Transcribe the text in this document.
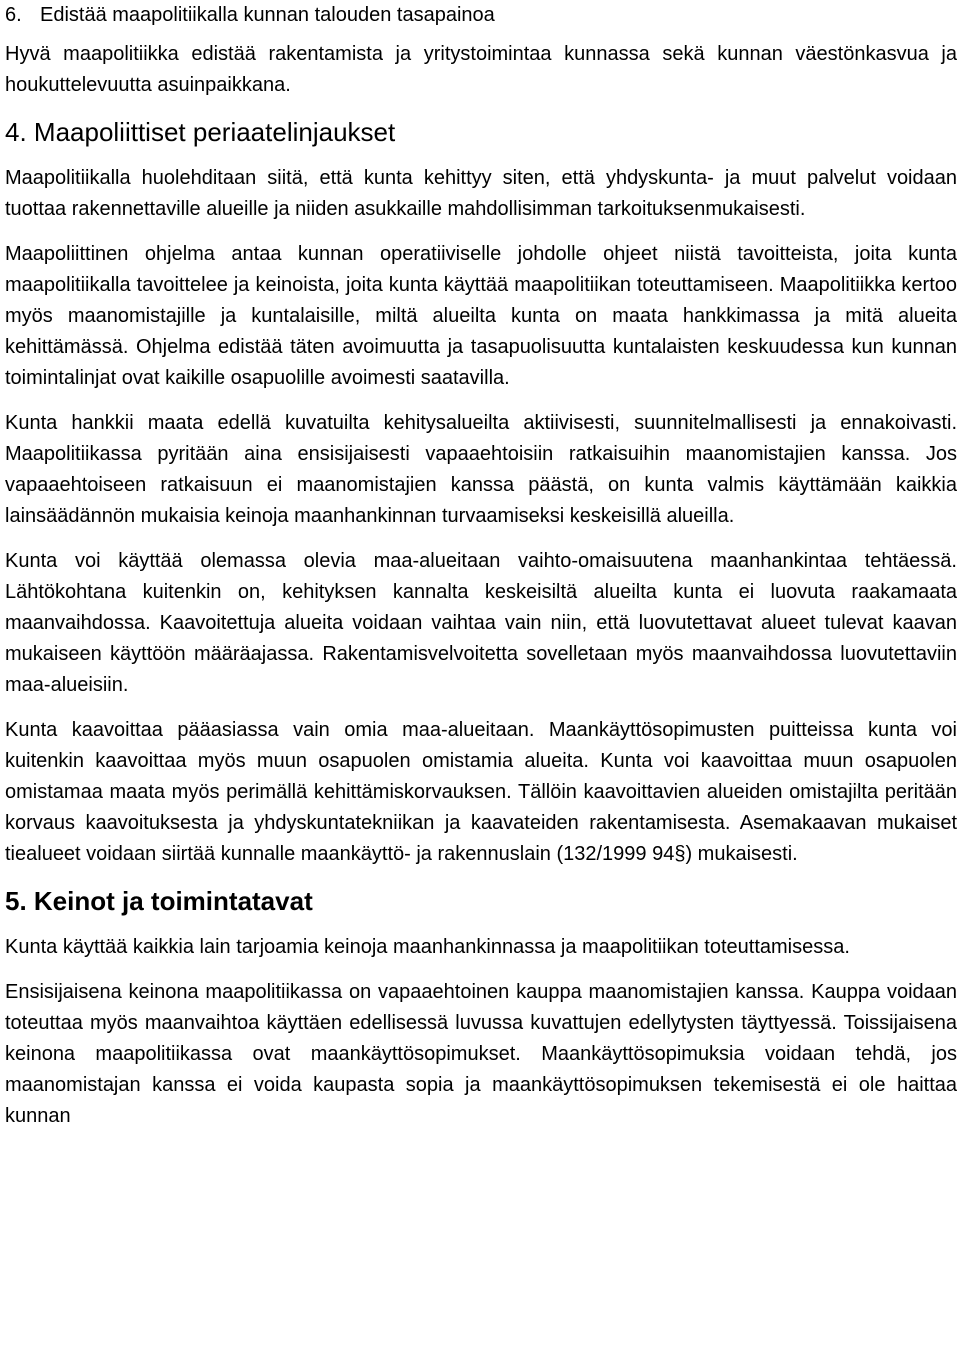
6. Edistää maapolitiikalla kunnan talouden tasapainoa

Hyvä maapolitiikka edistää rakentamista ja yritystoimintaa kunnassa sekä kunnan väestönkasvua ja houkuttelevuutta asuinpaikkana.

4. Maapoliittiset periaatelinjaukset

Maapolitiikalla huolehditaan siitä, että kunta kehittyy siten, että yhdyskunta- ja muut palvelut voidaan tuottaa rakennettaville alueille ja niiden asukkaille mahdollisimman tarkoituksenmukaisesti.

Maapoliittinen ohjelma antaa kunnan operatiiviselle johdolle ohjeet niistä tavoitteista, joita kunta maapolitiikalla tavoittelee ja keinoista, joita kunta käyttää maapolitiikan toteuttamiseen. Maapolitiikka kertoo myös maanomistajille ja kuntalaisille, miltä alueilta kunta on maata hankkimassa ja mitä alueita kehittämässä. Ohjelma edistää täten avoimuutta ja tasapuolisuutta kuntalaisten keskuudessa kun kunnan toimintalinjat ovat kaikille osapuolille avoimesti saatavilla.

Kunta hankkii maata edellä kuvatuilta kehitysalueilta aktiivisesti, suunnitelmallisesti ja ennakoivasti. Maapolitiikassa pyritään aina ensisijaisesti vapaaehtoisiin ratkaisuihin maanomistajien kanssa. Jos vapaaehtoiseen ratkaisuun ei maanomistajien kanssa päästä, on kunta valmis käyttämään kaikkia lainsäädännön mukaisia keinoja maanhankinnan turvaamiseksi keskeisillä alueilla.

Kunta voi käyttää olemassa olevia maa-alueitaan vaihto-omaisuutena maanhankintaa tehtäessä. Lähtökohtana kuitenkin on, kehityksen kannalta keskeisiltä alueilta kunta ei luovuta raakamaata maanvaihdossa. Kaavoitettuja alueita voidaan vaihtaa vain niin, että luovutettavat alueet tulevat kaavan mukaiseen käyttöön määräajassa. Rakentamisvelvoitetta sovelletaan myös maanvaihdossa luovutettaviin maa-alueisiin.

Kunta kaavoittaa pääasiassa vain omia maa-alueitaan. Maankäyttösopimusten puitteissa kunta voi kuitenkin kaavoittaa myös muun osapuolen omistamia alueita. Kunta voi kaavoittaa muun osapuolen omistamaa maata myös perimällä kehittämiskorvauksen. Tällöin kaavoittavien alueiden omistajilta peritään korvaus kaavoituksesta ja yhdyskuntatekniikan ja kaavateiden rakentamisesta. Asemakaavan mukaiset tiealueet voidaan siirtää kunnalle maankäyttö- ja rakennuslain (132/1999 94§) mukaisesti.

5. Keinot ja toimintatavat

Kunta käyttää kaikkia lain tarjoamia keinoja maanhankinnassa ja maapolitiikan toteuttamisessa.

Ensisijaisena keinona maapolitiikassa on vapaaehtoinen kauppa maanomistajien kanssa. Kauppa voidaan toteuttaa myös maanvaihtoa käyttäen edellisessä luvussa kuvattujen edellytysten täyttyessä. Toissijaisena keinona maapolitiikassa ovat maankäyttösopimukset. Maankäyttösopimuksia voidaan tehdä, jos maanomistajan kanssa ei voida kaupasta sopia ja maankäyttösopimuksen tekemisestä ei ole haittaa kunnan
